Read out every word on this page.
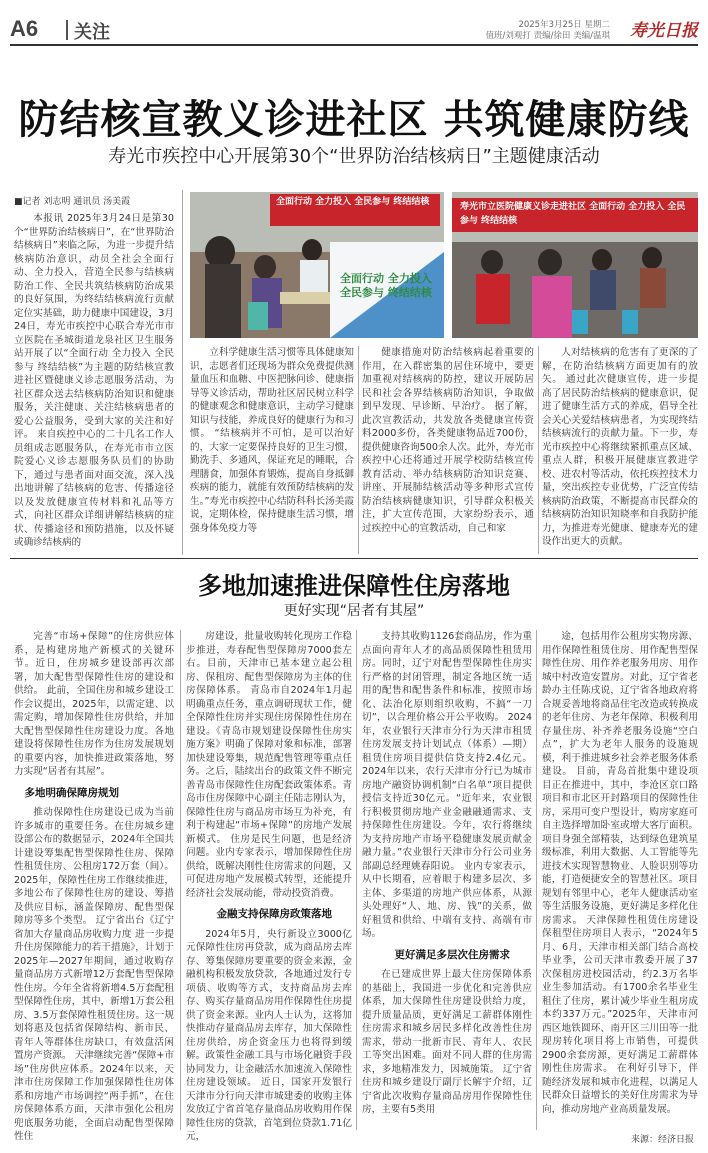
A6 关注	2025年3月25日 星期二
值班/刘观打 责编/徐田 美编/温琪 寿光日报
防结核宣教义诊进社区 共筑健康防线
寿光市疾控中心开展第30个“世界防治结核病日”主题健康活动
■记者 刘志明 通讯员 汤美霞

本报讯 2025年3月24日是第30个“世界防治结核病日”，在“世界防治结核病日”来临之际，为进一步提升结核病防治意识，动员全社会全面行动、全力投入，营造全民参与结核病防治工作、全民共筑结核病防治成果的良好氛围，为终结结核病流行贡献定位实基础，助力健康中国建设，3月24日，寿光市疾控中心联合寿光市市立医院在圣城街道龙泉社区卫生服务站开展了以“全面行动 全力投入 全民参与 终结结核”为主题的防结核宣教进社区暨健康义诊志愿服务活动，为社区群众送去结核病防治知识和健康服务，关注健康、关注结核病患者的爱心公益服务，受到大家的关注和好评。 来自疾控中心的二十几名工作人员组成志愿服务队，在寿光市市立医院爱心义诊志愿服务队员们的协助下，通过与患者面对面交流，深入浅出地讲解了结核病的危害、传播途径以及发放健康宣传材料和礼品等方式，向社区群众详细讲解结核病的症状、传播途径和预防措施，以及怀疑或确诊结核病的

全面行动 全力投入 全民参与 终结结核
全面行动 全力投入 全民参与 终结结核
寿光市立医院健康义诊走进社区 全面行动 全力投入 全民参与 终结结核

立科学健康生活习惯等具体健康知识，志愿者们还现场为群众免费提供测量血压和血糖、中医把脉问诊、健康指导等义诊活动，帮助社区居民树立科学的健康观念和健康意识，主动学习健康知识与技能，养成良好的健康行为和习惯。 “结核病并不可怕，是可以治好的，大家一定要保持良好的卫生习惯，勤洗手、多通风，保证充足的睡眠，合理膳食，加强体育锻炼，提高自身抵御疾病的能力，就能有效预防结核病的发生。”寿光市疾控中心结防科科长汤美霞说，定期体检，保持健康生活习惯，增强身体免疫力等

健康措施对防治结核病起着重要的作用，在入群密集的居住环境中，要更加重视对结核病的防控，建议开展防居民和社会各界结核病防治知识，争取做到早发现、早诊断、早治疗。 据了解，此次宣教活动，共发放各类健康宣传资料2000多份，各类健康物品近700份，提供健康咨询500余人次。此外，寿光市疾控中心还将通过开展学校防结核宣传教育活动、举办结核病防治知识竞赛、讲座、开展肺结核活动等多种形式宣传防治结核病健康知识，引导群众积极关注，扩大宣传范围，大家纷纷表示，通过疾控中心的宣教活动，自己和家

人对结核病的危害有了更深的了解，在防治结核病方面更加有的放矢。 通过此次健康宣传，进一步提高了居民防治结核病的健康意识，促进了健康生活方式的养成，倡导全社会关心关爱结核病患者，为实现终结结核病流行的贡献力量。下一步，寿光市疾控中心将继续紧抓重点区域、重点人群，积极开展健康宣教进学校、进农村等活动，依托疾控技术力量，突出疾控专业优势，广泛宣传结核病防治政策，不断提高市民群众的结核病防治知识知晓率和自我防护能力，为推进寿光健康、健康寿光的建设作出更大的贡献。

多地加速推进保障性住房落地
更好实现“居者有其屋”

完善“市场+保障”的住房供应体系，是构建房地产新模式的关键环节。近日，住房城乡建设部再次部署，加大配售型保障性住房的建设和供给。 此前，全国住房和城乡建设工作会议提出，2025年，以需定建、以需定购，增加保障性住房供给，并加大配售型保障性住房建设力度。各地建设将保障性住房作为住房发展规划的重要内容，加快推进政策落地，努力实现“居者有其屋”。

多地明确保障房规划

推动保障性住房建设已成为当前许多城市的重要任务。在住房城乡建设部公布的数据显示，2024年全国共计建设筹集配售型保障性住房、保障性租赁住房、公租房172万套（间）。2025年，保障性住房工作继续推进，多地公布了保障性住房的建设、筹措及供应目标，涵盖保障房、配售型保障房等多个类型。 辽宁省出台《辽宁省加大存量商品房收购力度 进一步提升住房保障能力的若干措施》，计划于2025年—2027年期间，通过收购存量商品房方式新增12万套配售型保障性住房。今年全省将新增4.5万套配租型保障性住房，其中，新增1万套公租房、3.5万套保障性租赁住房。这一规划将惠及包括省保障结构、新市民、青年人等群体住房缺口，有效盘活闲置房产资源。 天津继续完善“保障+市场”住房供应体系。2024年以来，天津市住房保障工作加强保障性住房体系和房地产市场调控“两手抓”，在住房保障体系方面，天津市强化公租房兜底服务功能，全面启动配售型保障性住

房建设，批量收购转化现房工作稳步推进，寿春配售型保障房7000套左右。目前，天津市已基本建立起公租房、保租房、配售型保障房为主体的住房保障体系。 青岛市自2024年1月起明确重点任务，重点调研现状工作，健全保障性住房并实现住房保障性住房在建设。《青岛市规划建设保障性住房实施方案》明确了保障对象和标准，部署加快建设筹集，规范配售管理等重点任务。之后，陆续出台的政策文件不断完善青岛市保障性住房配套政策体系。青岛市住房保障中心副主任陆志刚认为，保障性住房与商品房市场互为补充，有利于构建起“市场+保障”的房地产发展新模式。 住房是民生问题，也是经济问题。业内专家表示，增加保障性住房供给，既解决刚性住房需求的问题，又可促进房地产发展模式转型，还能提升经济社会发展动能，带动投资消费。

金融支持保障房政策落地

2024年5月，央行新设立3000亿元保障性住房再贷款，成为商品房去库存、筹集保障房要重要的资金来源，金融机构积极发放贷款，各地通过发行专项债、收购等方式，支持商品房去库存、购买存量商品房用作保障性住房提供了资金来源。业内人士认为，这将加快推动存量商品房去库存，加大保障性住房供给，房企资金压力也将得到缓解。政策性金融工具与市场化融资手段协同发力，让金融活水加速流入保障性住房建设领域。 近日，国家开发银行天津市分行向天津市城建委的收购主体发放辽宁省首笔存量商品房收购用作保障性住房的贷款，首笔到位贷款1.71亿元，

支持其收购1126套商品房，作为重点面向青年人才的高品质保障性租赁用房。同时，辽宁对配售型保障性住房实行严格的封闭管理，制定各地区统一适用的配售和配售条件和标准，按照市场化、法治化原则组织收购，不搞“一刀切”，以合理价格公开公平收购。 2024年，农业银行天津市分行为天津市租赁住房发展支持计划试点（体系）—期）租赁住房项目提供信贷支持2.4亿元。2024年以来，农行天津市分行已为城市房地产融资协调机制“白名单”项目提供授信支持近30亿元。“近年来，农业银行积极贯彻房地产业金融融通需求、支持保障性住房建设。今年，农行将继续为支持房地产市场平稳健康发展贡献金融力量。”农业银行天津市分行公司业务部副总经理姚春阳说。 业内专家表示，从中长期看，应着眼于构建多层次、多主体、多渠道的房地产供应体系，从源头处理好“人、地、房、钱”的关系，做好租赁和供给、中端有支持、高端有市场。

更好满足多层次住房需求

在已建成世界上最大住房保障体系的基础上，我国进一步优化和完善供应体系，加大保障性住房建设供给力度，提升质量品质，更好满足工薪群体刚性住房需求和城乡居民多样化改善性住房需求，带动一批新市民、青年人、农民工等突出困难。面对不同人群的住房需求，多地精准发力，因城施策。 辽宁省住房和城乡建设厅副厅长解宇介绍，辽宁省此次收购存量商品房用作保障性住房，主要有5类用

途，包括用作公租房实物房源、用作保障性租赁住房、用作配售型保障性住房、用作养老服务用房、用作城中村改造安置房。对此，辽宁省老龄办主任陈戌说，辽宁省各地政府将合规妥善地将商品住宅改造或转换成的老年住房、为老年保障、积极利用存量住房、补齐养老服务设施“空白点”，扩大为老年人服务的设施规模，利于推进城乡社会养老服务体系建设。 目前，青岛首批集中建设项目正在推进中，其中，李沧区京口路项目和市北区开封路项目的保障性住房，采用可变户型设计，购房家庭可自主选择增加卧室或增大客厅面积。项目身强全部精装，达到绿色建筑星级标准，利用大数据、人工智能等先进技术实现智慧物业、人脸识别等功能，打造便捷安全的智慧社区。项目规划有邻里中心，老年人健康活动室等生活服务设施，更好满足多样化住房需求。 天津保障性租赁住房建设保租型住房项目人表示，“2024年5月、6月，天津市相关部门结合高校毕业季，公司天津市教委开展了37次保租房进校园活动，约2.3万名毕业生参加活动。有1700余名毕业生租住了住房，累计减少毕业生租房成本约337万元。”2025年，天津市河西区地铁圆环、南开区三川田等一批现房转化项目将上市销售，可提供2900余套房源，更好满足工薪群体刚性住房需求。 在利好引导下，伴随经济发展和城市化进程，以满足人民群众日益增长的美好住房需求为导向，推动房地产业高质量发展。

来源：经济日报
